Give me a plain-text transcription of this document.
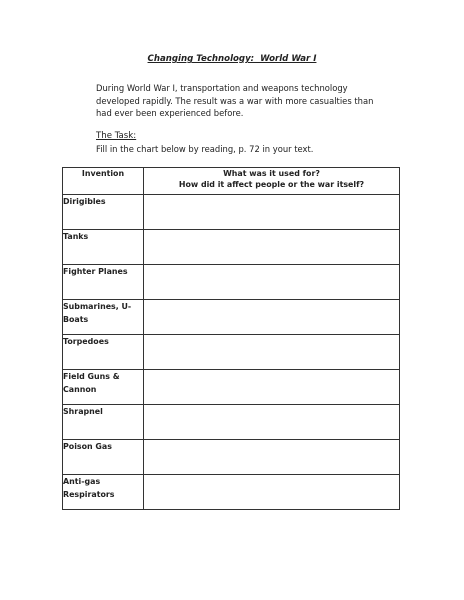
Changing Technology:  World War I
During World War I, transportation and weapons technology developed rapidly. The result was a war with more casualties than had ever been experienced before.
The Task:
Fill in the chart below by reading, p. 72 in your text.
Invention	What was it used for?
How did it affect people or the war itself?

Dirigibles	
Tanks	
Fighter Planes	
Submarines, U-Boats	
Torpedoes	
Field Guns & Cannon	
Shrapnel	
Poison Gas	
Anti-gas Respirators	
